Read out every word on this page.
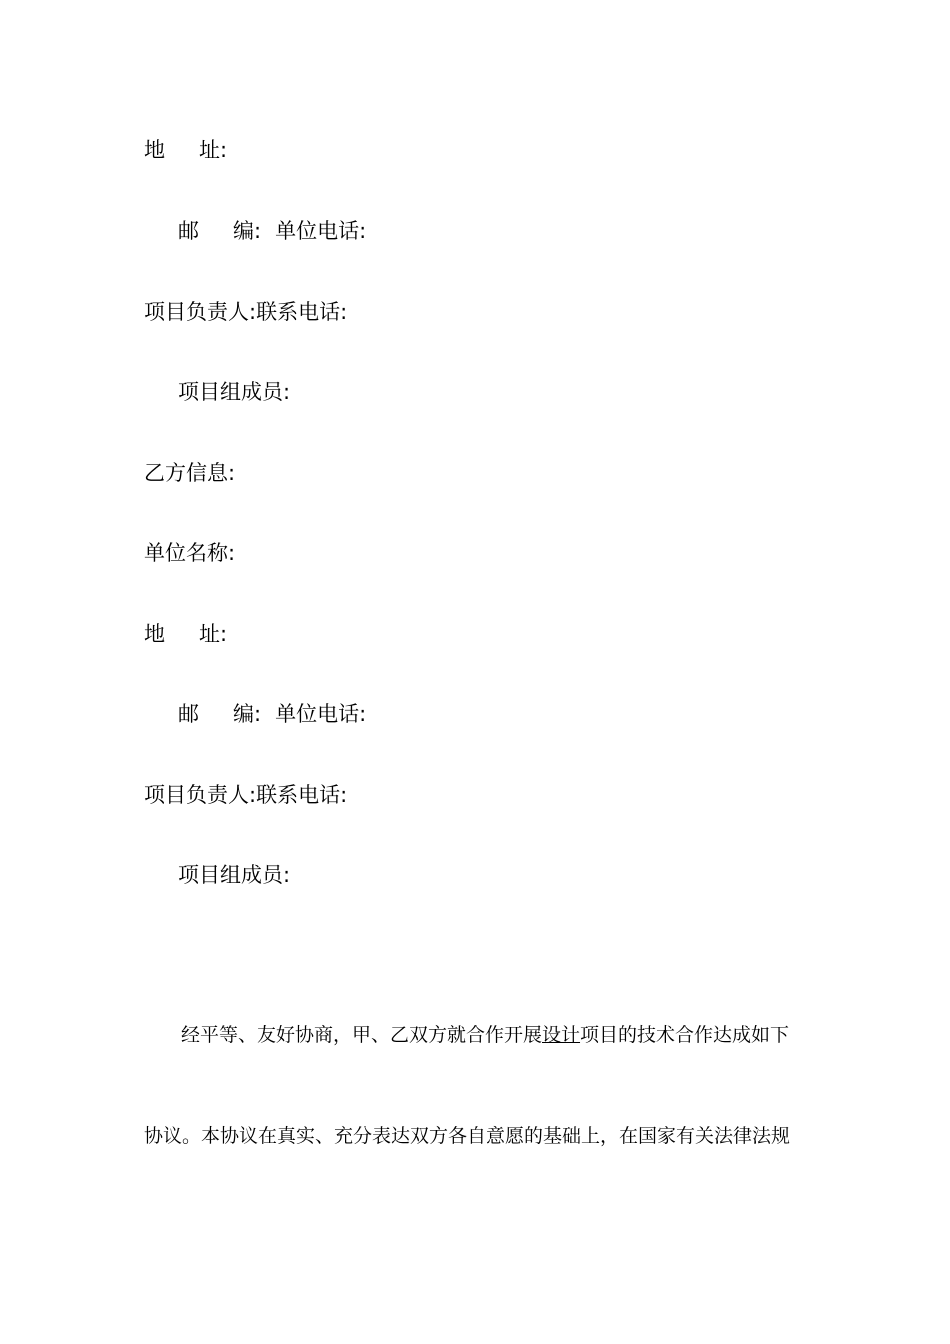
地 址:
邮 编: 单位电话:
项目负责人:联系电话:
项目组成员:
乙方信息:
单位名称:
地 址:
邮 编: 单位电话:
项目负责人:联系电话:
项目组成员:
经平等、友好协商，甲、乙双方就合作开展设计项目的技术合作达成如下
协议。本协议在真实、充分表达双方各自意愿的基础上，在国家有关法律法规
